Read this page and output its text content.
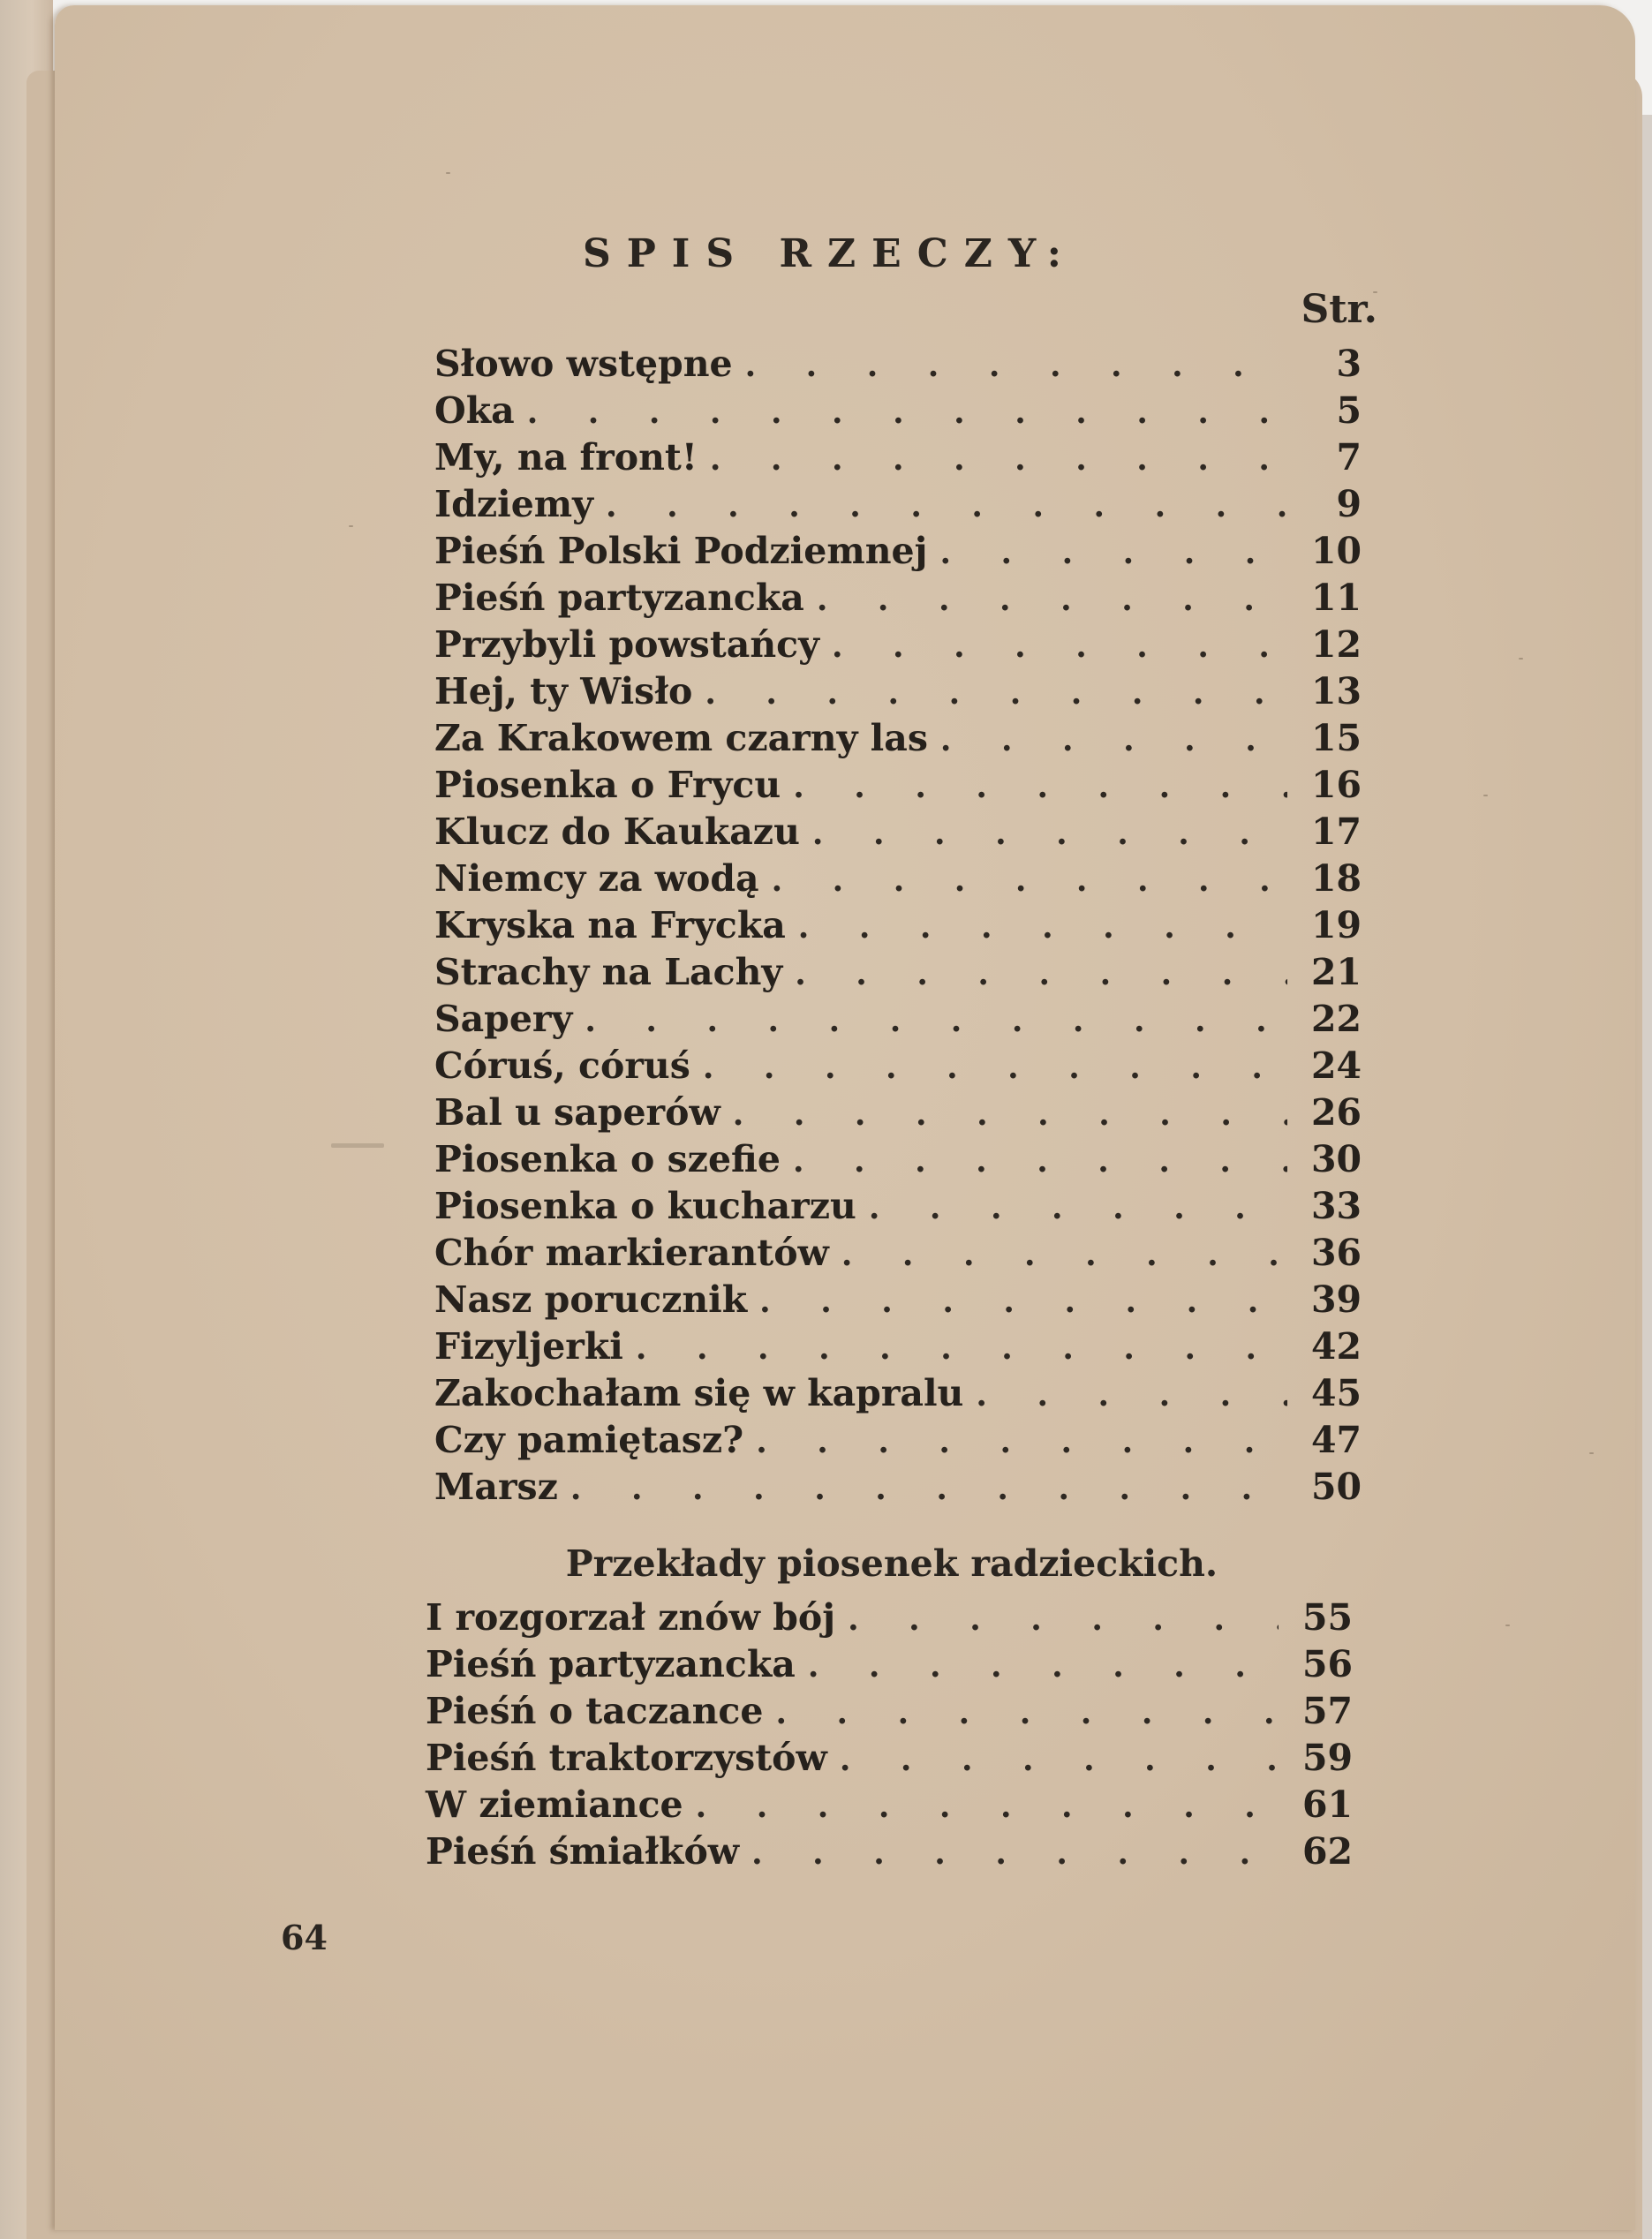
SPIS RZECZY:
Str.
Słowo wstępne . . .	3
Oka . . .	5
My, na front! . . .	7
Idziemy . . .	9
Pieśń Polski Podziemnej . . .	10
Pieśń partyzancka . . .	11
Przybyli powstańcy . . .	12
Hej, ty Wisło . . .	13
Za Krakowem czarny las . . .	15
Piosenka o Frycu . . .	16
Klucz do Kaukazu . . .	17
Niemcy za wodą . . .	18
Kryska na Frycka . . .	19
Strachy na Lachy . . .	21
Sapery . . .	22
Córuś, córuś . . .	24
Bal u saperów . . .	26
Piosenka o szefie . . .	30
Piosenka o kucharzu . . .	33
Chór markierantów . . .	36
Nasz porucznik . . .	39
Fizyljerki . . .	42
Zakochałam się w kapralu . . .	45
Czy pamiętasz? . . .	47
Marsz . . .	50
Przekłady piosenek radzieckich.
I rozgorzał znów bój . . .	55
Pieśń partyzancka . . .	56
Pieśń o taczance . . .	57
Pieśń traktorzystów . . .	59
W ziemiance . . .	61
Pieśń śmiałków . . .	62
64
